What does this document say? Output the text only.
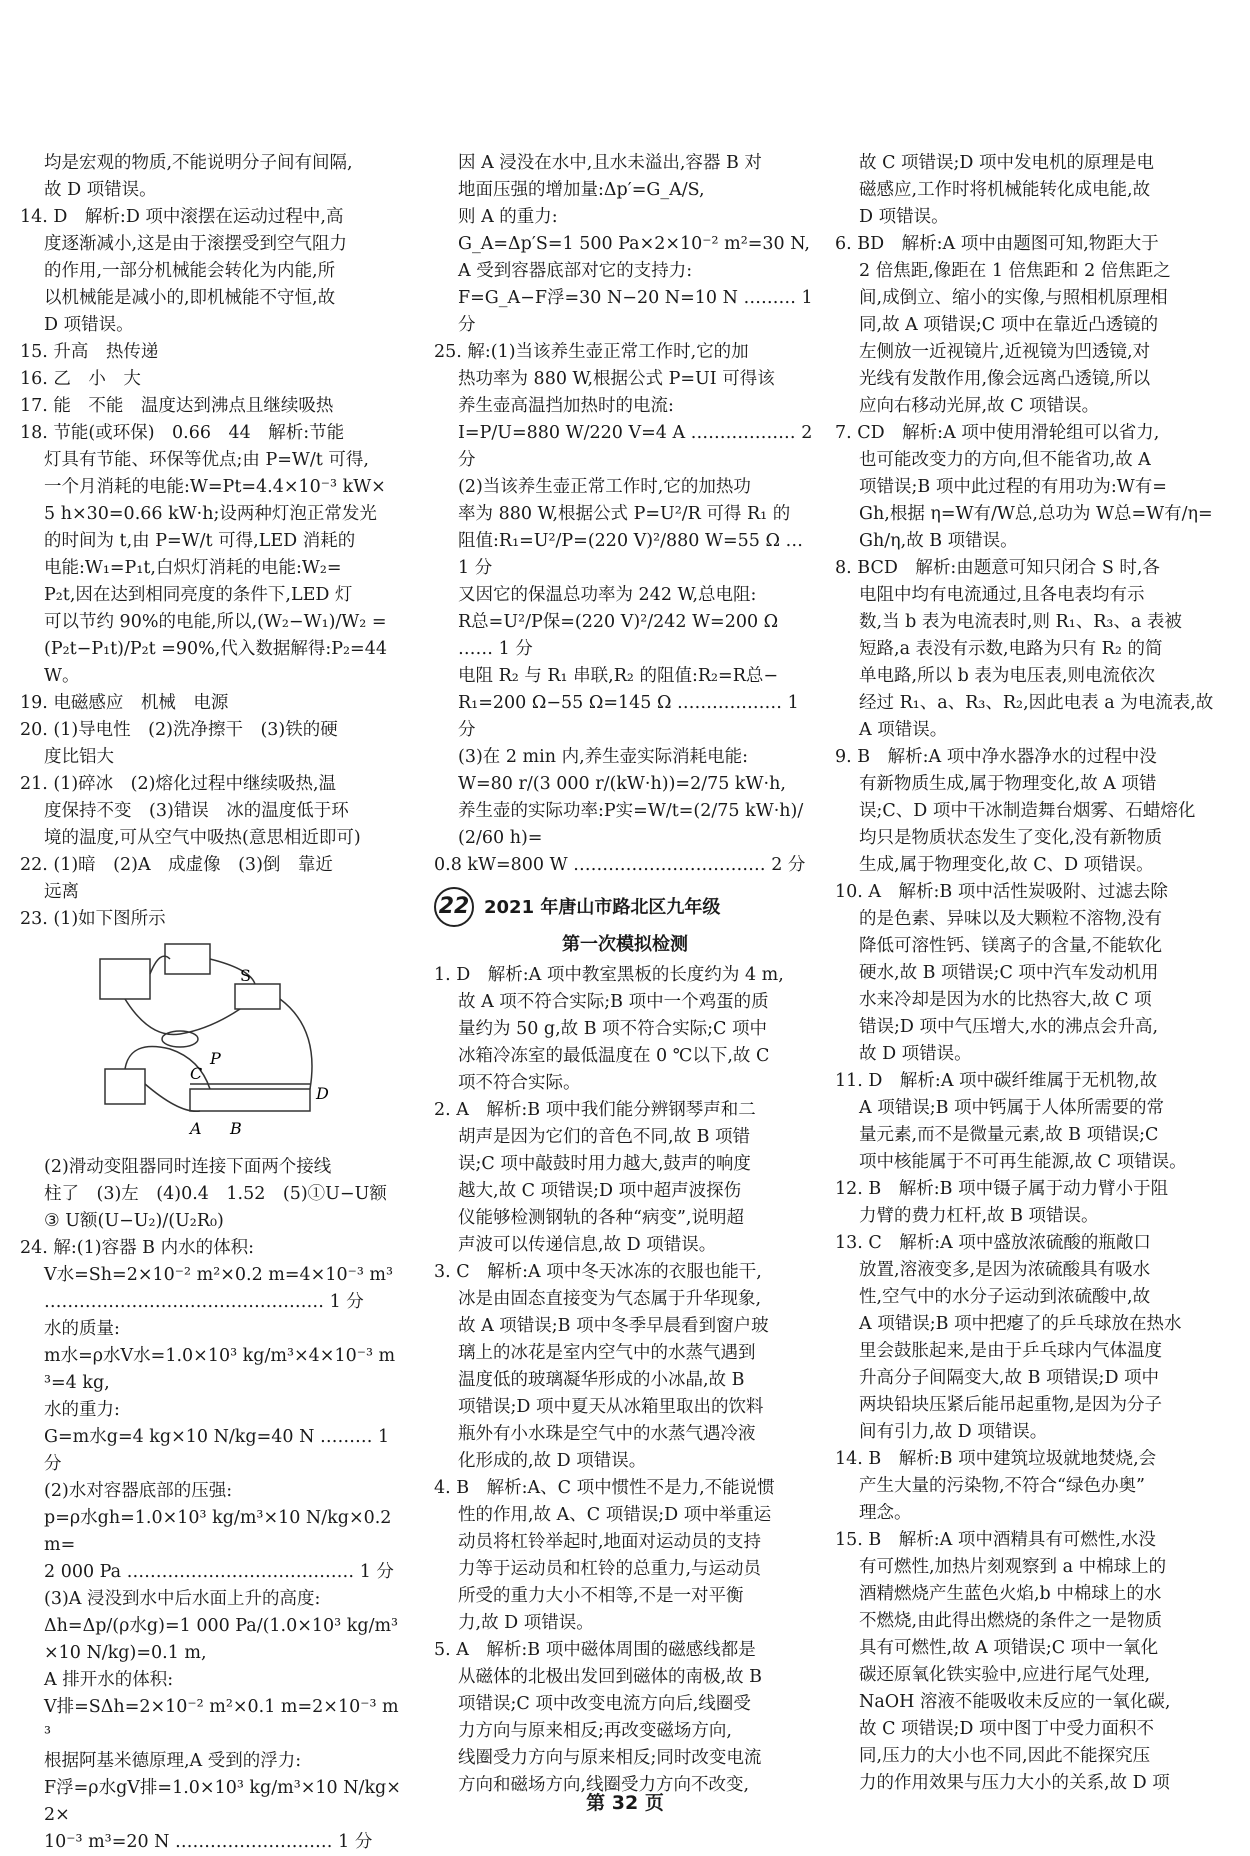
均是宏观的物质,不能说明分子间有间隔,

故 D 项错误。

14. D　解析:D 项中滚摆在运动过程中,高

度逐渐减小,这是由于滚摆受到空气阻力

的作用,一部分机械能会转化为内能,所

以机械能是减小的,即机械能不守恒,故

D 项错误。

15. 升高　热传递

16. 乙　小　大

17. 能　不能　温度达到沸点且继续吸热

18. 节能(或环保)　0.66　44　解析:节能

灯具有节能、环保等优点;由 P=W/t 可得,

一个月消耗的电能:W=Pt=4.4×10⁻³ kW×

5 h×30=0.66 kW·h;设两种灯泡正常发光

的时间为 t,由 P=W/t 可得,LED 消耗的

电能:W₁=P₁t,白炽灯消耗的电能:W₂=

P₂t,因在达到相同亮度的条件下,LED 灯

可以节约 90%的电能,所以,(W₂−W₁)/W₂ =

(P₂t−P₁t)/P₂t =90%,代入数据解得:P₂=44 W。

19. 电磁感应　机械　电源

20. (1)导电性　(2)洗净擦干　(3)铁的硬

度比铝大

21. (1)碎冰　(2)熔化过程中继续吸热,温

度保持不变　(3)错误　冰的温度低于环

境的温度,可从空气中吸热(意思相近即可)

22. (1)暗　(2)A　成虚像　(3)倒　靠近

远离

23. (1)如下图所示

S
P
C
D
A B

(2)滑动变阻器同时连接下面两个接线

柱了　(3)左　(4)0.4　1.52　(5)①U−U额

③ U额(U−U₂)/(U₂R₀)

24. 解:(1)容器 B 内水的体积:

V水=Sh=2×10⁻² m²×0.2 m=4×10⁻³ m³

………………………………………… 1 分

水的质量:

m水=ρ水V水=1.0×10³ kg/m³×4×10⁻³ m³=4 kg,

水的重力:

G=m水g=4 kg×10 N/kg=40 N ……… 1 分

(2)水对容器底部的压强:

p=ρ水gh=1.0×10³ kg/m³×10 N/kg×0.2 m=

2 000 Pa ………………………………… 1 分

(3)A 浸没到水中后水面上升的高度:

Δh=Δp/(ρ水g)=1 000 Pa/(1.0×10³ kg/m³×10 N/kg)=0.1 m,

A 排开水的体积:

V排=SΔh=2×10⁻² m²×0.1 m=2×10⁻³ m³

根据阿基米德原理,A 受到的浮力:

F浮=ρ水gV排=1.0×10³ kg/m³×10 N/kg×2×

10⁻³ m³=20 N ……………………… 1 分

因 A 浸没在水中,且水未溢出,容器 B 对

地面压强的增加量:Δp′=G_A/S,

则 A 的重力:

G_A=Δp′S=1 500 Pa×2×10⁻² m²=30 N,

A 受到容器底部对它的支持力:

F=G_A−F浮=30 N−20 N=10 N ……… 1 分

25. 解:(1)当该养生壶正常工作时,它的加

热功率为 880 W,根据公式 P=UI 可得该

养生壶高温挡加热时的电流:

I=P/U=880 W/220 V=4 A ……………… 2 分

(2)当该养生壶正常工作时,它的加热功

率为 880 W,根据公式 P=U²/R 可得 R₁ 的

阻值:R₁=U²/P=(220 V)²/880 W=55 Ω … 1 分

又因它的保温总功率为 242 W,总电阻:

R总=U²/P保=(220 V)²/242 W=200 Ω …… 1 分

电阻 R₂ 与 R₁ 串联,R₂ 的阻值:R₂=R总−

R₁=200 Ω−55 Ω=145 Ω ……………… 1 分

(3)在 2 min 内,养生壶实际消耗电能:

W=80 r/(3 000 r/(kW·h))=2/75 kW·h,

养生壶的实际功率:P实=W/t=(2/75 kW·h)/(2/60 h)=

0.8 kW=800 W …………………………… 2 分

22 2021 年唐山市路北区九年级
第一次模拟检测

1. D　解析:A 项中教室黑板的长度约为 4 m,

故 A 项不符合实际;B 项中一个鸡蛋的质

量约为 50 g,故 B 项不符合实际;C 项中

冰箱冷冻室的最低温度在 0 ℃以下,故 C

项不符合实际。

2. A　解析:B 项中我们能分辨钢琴声和二

胡声是因为它们的音色不同,故 B 项错

误;C 项中敲鼓时用力越大,鼓声的响度

越大,故 C 项错误;D 项中超声波探伤

仪能够检测钢轨的各种“病变”,说明超

声波可以传递信息,故 D 项错误。

3. C　解析:A 项中冬天冰冻的衣服也能干,

冰是由固态直接变为气态属于升华现象,

故 A 项错误;B 项中冬季早晨看到窗户玻

璃上的冰花是室内空气中的水蒸气遇到

温度低的玻璃凝华形成的小冰晶,故 B

项错误;D 项中夏天从冰箱里取出的饮料

瓶外有小水珠是空气中的水蒸气遇冷液

化形成的,故 D 项错误。

4. B　解析:A、C 项中惯性不是力,不能说惯

性的作用,故 A、C 项错误;D 项中举重运

动员将杠铃举起时,地面对运动员的支持

力等于运动员和杠铃的总重力,与运动员

所受的重力大小不相等,不是一对平衡

力,故 D 项错误。

5. A　解析:B 项中磁体周围的磁感线都是

从磁体的北极出发回到磁体的南极,故 B

项错误;C 项中改变电流方向后,线圈受

力方向与原来相反;再改变磁场方向,

线圈受力方向与原来相反;同时改变电流

方向和磁场方向,线圈受力方向不改变,

故 C 项错误;D 项中发电机的原理是电

磁感应,工作时将机械能转化成电能,故

D 项错误。

6. BD　解析:A 项中由题图可知,物距大于

2 倍焦距,像距在 1 倍焦距和 2 倍焦距之

间,成倒立、缩小的实像,与照相机原理相

同,故 A 项错误;C 项中在靠近凸透镜的

左侧放一近视镜片,近视镜为凹透镜,对

光线有发散作用,像会远离凸透镜,所以

应向右移动光屏,故 C 项错误。

7. CD　解析:A 项中使用滑轮组可以省力,

也可能改变力的方向,但不能省功,故 A

项错误;B 项中此过程的有用功为:W有=

Gh,根据 η=W有/W总,总功为 W总=W有/η=

Gh/η,故 B 项错误。

8. BCD　解析:由题意可知只闭合 S 时,各

电阻中均有电流通过,且各电表均有示

数,当 b 表为电流表时,则 R₁、R₃、a 表被

短路,a 表没有示数,电路为只有 R₂ 的简

单电路,所以 b 表为电压表,则电流依次

经过 R₁、a、R₃、R₂,因此电表 a 为电流表,故

A 项错误。

9. B　解析:A 项中净水器净水的过程中没

有新物质生成,属于物理变化,故 A 项错

误;C、D 项中干冰制造舞台烟雾、石蜡熔化

均只是物质状态发生了变化,没有新物质

生成,属于物理变化,故 C、D 项错误。

10. A　解析:B 项中活性炭吸附、过滤去除

的是色素、异味以及大颗粒不溶物,没有

降低可溶性钙、镁离子的含量,不能软化

硬水,故 B 项错误;C 项中汽车发动机用

水来冷却是因为水的比热容大,故 C 项

错误;D 项中气压增大,水的沸点会升高,

故 D 项错误。

11. D　解析:A 项中碳纤维属于无机物,故

A 项错误;B 项中钙属于人体所需要的常

量元素,而不是微量元素,故 B 项错误;C

项中核能属于不可再生能源,故 C 项错误。

12. B　解析:B 项中镊子属于动力臂小于阻

力臂的费力杠杆,故 B 项错误。

13. C　解析:A 项中盛放浓硫酸的瓶敞口

放置,溶液变多,是因为浓硫酸具有吸水

性,空气中的水分子运动到浓硫酸中,故

A 项错误;B 项中把瘪了的乒乓球放在热水

里会鼓胀起来,是由于乒乓球内气体温度

升高分子间隔变大,故 B 项错误;D 项中

两块铅块压紧后能吊起重物,是因为分子

间有引力,故 D 项错误。

14. B　解析:B 项中建筑垃圾就地焚烧,会

产生大量的污染物,不符合“绿色办奥”

理念。

15. B　解析:A 项中酒精具有可燃性,水没

有可燃性,加热片刻观察到 a 中棉球上的

酒精燃烧产生蓝色火焰,b 中棉球上的水

不燃烧,由此得出燃烧的条件之一是物质

具有可燃性,故 A 项错误;C 项中一氧化

碳还原氧化铁实验中,应进行尾气处理,

NaOH 溶液不能吸收未反应的一氧化碳,

故 C 项错误;D 项中图丁中受力面积不

同,压力的大小也不同,因此不能探究压

力的作用效果与压力大小的关系,故 D 项

第 32 页
